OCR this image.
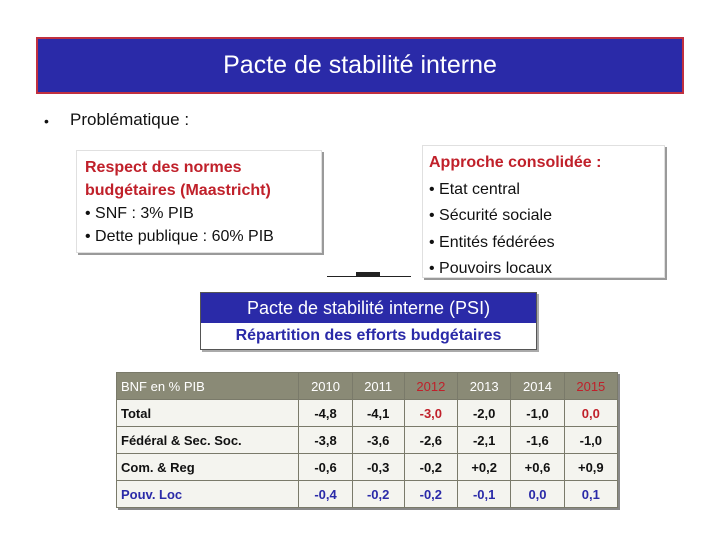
Pacte de stabilité interne
• Problématique :
Respect des normes
budgétaires (Maastricht)
• SNF : 3% PIB
• Dette publique : 60% PIB
Approche consolidée :
• Etat central
• Sécurité sociale
• Entités fédérées
• Pouvoirs locaux
Pacte de stabilité interne (PSI)
Répartition des efforts budgétaires
BNF en % PIB	2010	2011	2012	2013	2014	2015
Total	-4,8	-4,1	-3,0	-2,0	-1,0	0,0
Fédéral & Sec. Soc.	-3,8	-3,6	-2,6	-2,1	-1,6	-1,0
Com. & Reg	-0,6	-0,3	-0,2	+0,2	+0,6	+0,9
Pouv. Loc	-0,4	-0,2	-0,2	-0,1	0,0	0,1
